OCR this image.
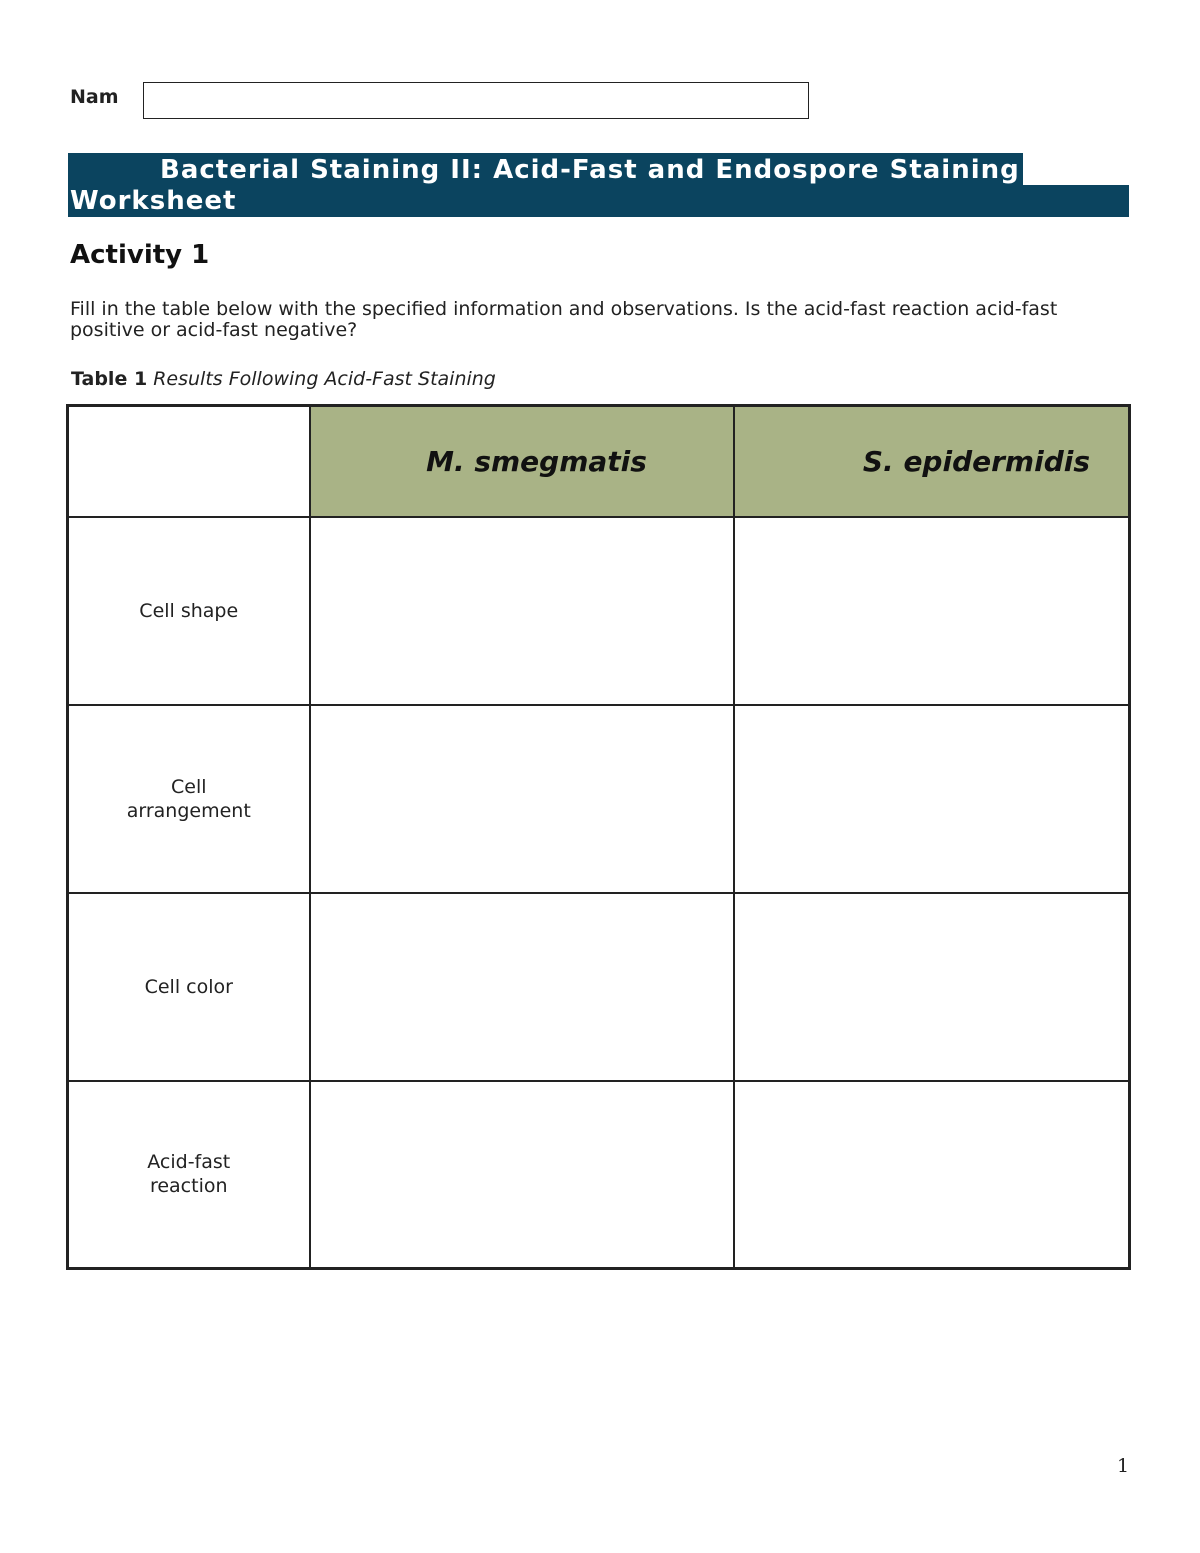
Nam
Bacterial Staining II: Acid-Fast and Endospore Staining
Worksheet
Activity 1

Fill in the table below with the specified information and observations. Is the acid-fast reaction acid-fast positive or acid-fast negative?

Table 1 Results Following Acid-Fast Staining
	M. smegmatis	S. epidermidis
Cell shape		
Cell arrangement		
Cell color		
Acid-fast reaction		
1
